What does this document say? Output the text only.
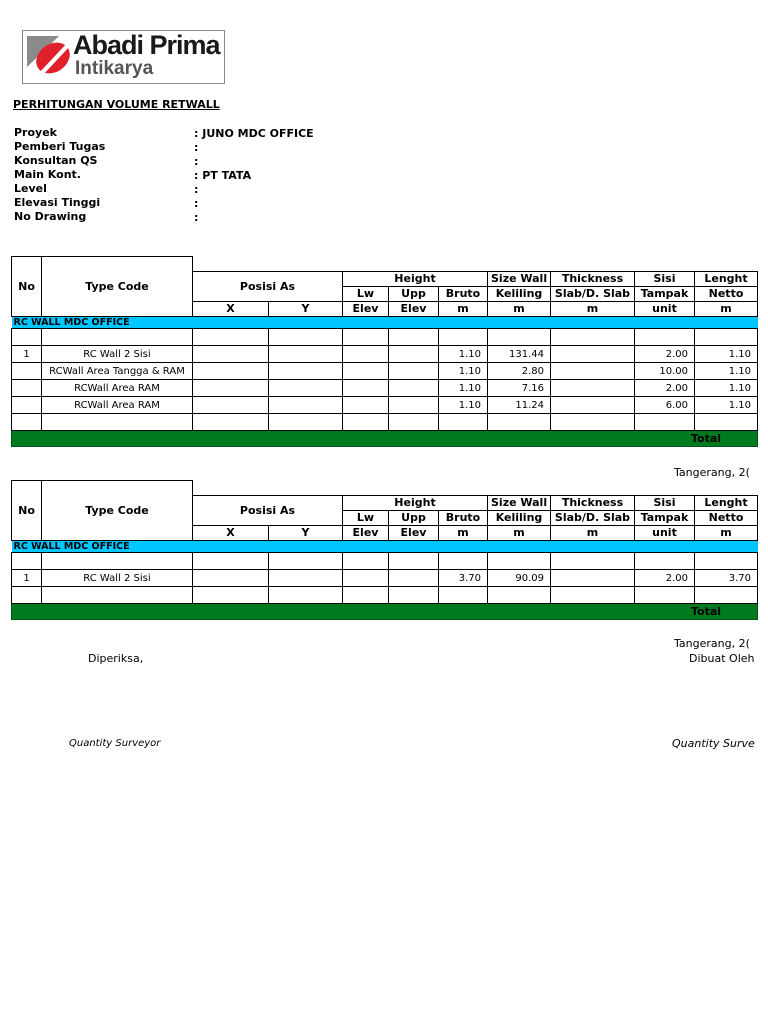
Abadi Prima
Intikarya
PERHITUNGAN VOLUME RETWALL
Proyek	: JUNO MDC OFFICE
Pemberi Tugas	:
Konsultan QS	:
Main Kont.	: PT TATA
Level	:
Elevasi Tinggi	:
No Drawing	:
No	Type Code									
		Posisi As		Height			Size Wall	Thickness	Sisi	Lenght
				Lw	Upp	Bruto	Keliling	Slab/D. Slab	Tampak	Netto
		X	Y	Elev	Elev	m	m	m	unit	m
RC WALL MDC OFFICE										

1	RC Wall 2 Sisi					1.10	131.44		2.00	1.10
	RCWall Area Tangga & RAM					1.10	2.80		10.00	1.10
	RCWall Area RAM					1.10	7.16		2.00	1.10
	RCWall Area RAM					1.10	11.24		6.00	1.10

Total										
Tangerang, 2(
No	Type Code									
		Posisi As		Height			Size Wall	Thickness	Sisi	Lenght
				Lw	Upp	Bruto	Keliling	Slab/D. Slab	Tampak	Netto
		X	Y	Elev	Elev	m	m	m	unit	m
RC WALL MDC OFFICE										

1	RC Wall 2 Sisi					3.70	90.09		2.00	3.70

Total										
Tangerang, 2(
Diperiksa,	Dibuat Oleh
Quantity Surveyor	Quantity Surve
